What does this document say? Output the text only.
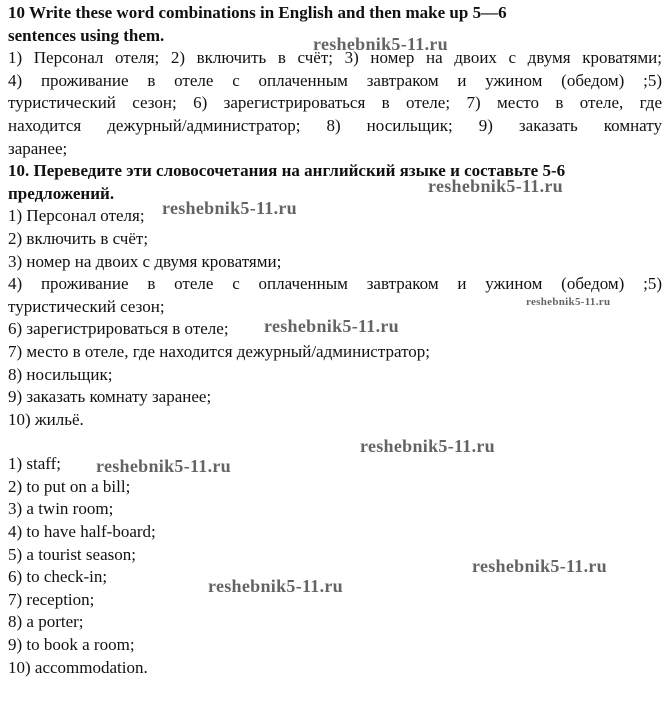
10 Write these word combinations in English and then make up 5—6
sentences using them.
1) Персонал отеля; 2) включить в счёт; 3) номер на двоих с двумя кроватями;
4) проживание в отеле с оплаченным завтраком и ужином (обедом) ;5)
туристический сезон; 6) зарегистрироваться в отеле; 7) место в отеле, где
находится дежурный/администратор; 8) носильщик; 9) заказать комнату
заранее;
10. Переведите эти словосочетания на английский языке и составьте 5-6
предложений.
1) Персонал отеля;
2) включить в счёт;
3) номер на двоих с двумя кроватями;
4) проживание в отеле с оплаченным завтраком и ужином (обедом) ;5)
туристический сезон;
6) зарегистрироваться в отеле;
7) место в отеле, где находится дежурный/администратор;
8) носильщик;
9) заказать комнату заранее;
10) жильё.
1) staff;
2) to put on a bill;
3) a twin room;
4) to have half-board;
5) a tourist season;
6) to check-in;
7) reception;
8) a porter;
9) to book a room;
10) accommodation.
reshebnik5-11.ru
reshebnik5-11.ru
reshebnik5-11.ru
reshebnik5-11.ru
reshebnik5-11.ru
reshebnik5-11.ru
reshebnik5-11.ru
reshebnik5-11.ru
reshebnik5-11.ru
